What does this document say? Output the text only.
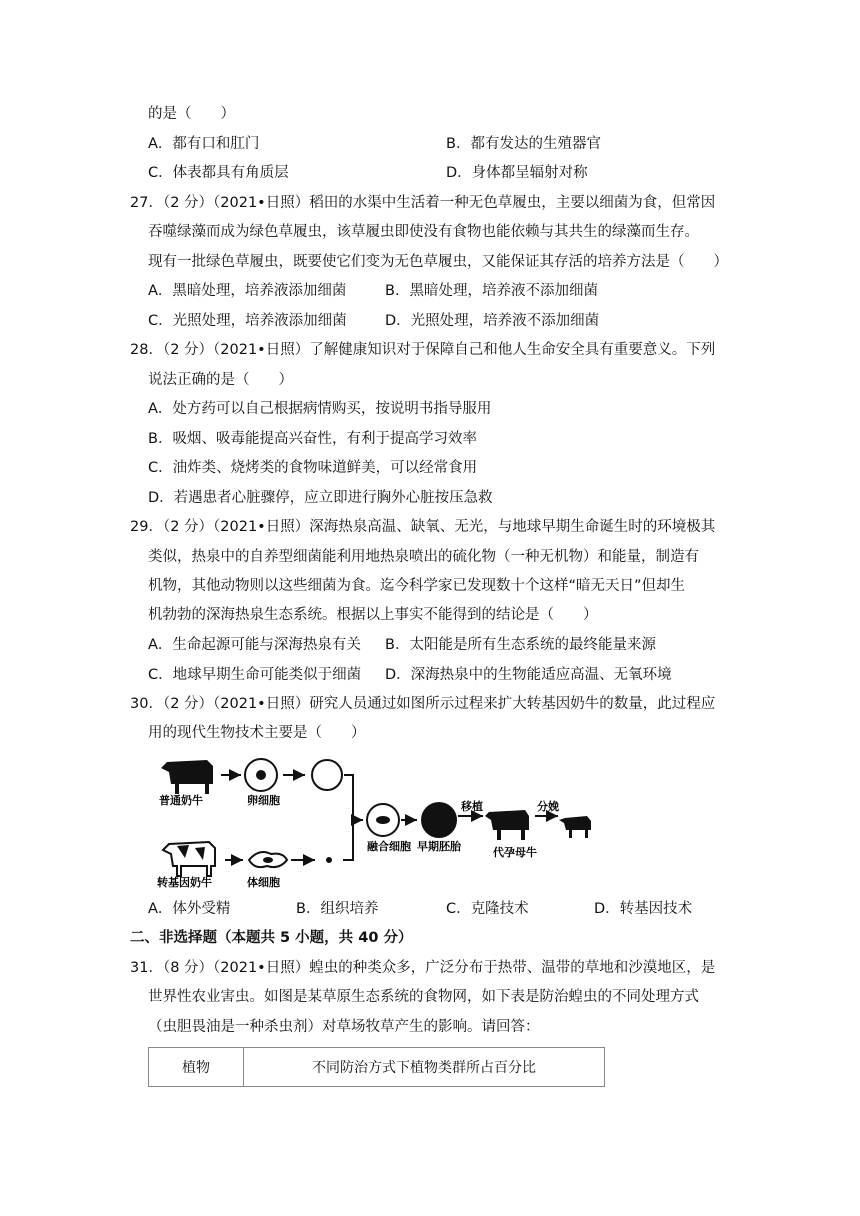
的是（　　）
A．都有口和肛门	B．都有发达的生殖器官
C．体表都具有角质层	D．身体都呈辐射对称
27．（2 分）（2021•日照）稻田的水渠中生活着一种无色草履虫，主要以细菌为食，但常因
吞噬绿藻而成为绿色草履虫，该草履虫即使没有食物也能依赖与其共生的绿藻而生存。
现有一批绿色草履虫，既要使它们变为无色草履虫，又能保证其存活的培养方法是（　　）
A．黑暗处理，培养液添加细菌	B．黑暗处理，培养液不添加细菌
C．光照处理，培养液添加细菌	D．光照处理，培养液不添加细菌
28．（2 分）（2021•日照）了解健康知识对于保障自己和他人生命安全具有重要意义。下列
说法正确的是（　　）
A．处方药可以自己根据病情购买，按说明书指导服用
B．吸烟、吸毒能提高兴奋性，有利于提高学习效率
C．油炸类、烧烤类的食物味道鲜美，可以经常食用
D．若遇患者心脏骤停，应立即进行胸外心脏按压急救
29．（2 分）（2021•日照）深海热泉高温、缺氧、无光，与地球早期生命诞生时的环境极其
类似，热泉中的自养型细菌能利用地热泉喷出的硫化物（一种无机物）和能量，制造有
机物，其他动物则以这些细菌为食。迄今科学家已发现数十个这样“暗无天日”但却生
机勃勃的深海热泉生态系统。根据以上事实不能得到的结论是（　　）
A．生命起源可能与深海热泉有关 B．太阳能是所有生态系统的最终能量来源
C．地球早期生命可能类似于细菌 D．深海热泉中的生物能适应高温、无氧环境
30．（2 分）（2021•日照）研究人员通过如图所示过程来扩大转基因奶牛的数量，此过程应
用的现代生物技术主要是（　　）
普通奶牛	卵细胞
转基因奶牛	体细胞
融合细胞 早期胚胎
移植
代孕母牛
分娩
A．体外受精	B．组织培养	C．克隆技术	D．转基因技术
二、非选择题（本题共 5 小题，共 40 分）
31．（8 分）（2021•日照）蝗虫的种类众多，广泛分布于热带、温带的草地和沙漠地区，是
世界性农业害虫。如图是某草原生态系统的食物网，如下表是防治蝗虫的不同处理方式
（虫胆畏油是一种杀虫剂）对草场牧草产生的影响。请回答：
植物	不同防治方式下植物类群所占百分比
